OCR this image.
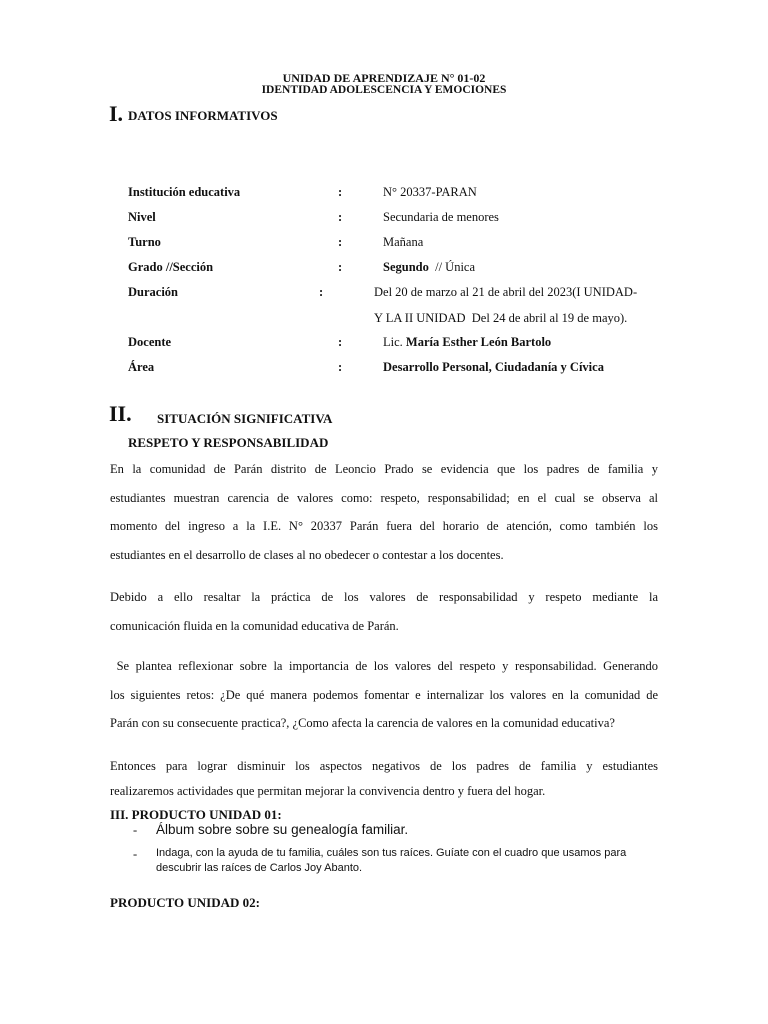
UNIDAD DE APRENDIZAJE N° 01-02
IDENTIDAD ADOLESCENCIA Y EMOCIONES
I. DATOS INFORMATIVOS
Institución educativa	:	N° 20337-PARAN
Nivel	:	Secundaria de menores
Turno	:	Mañana
Grado //Sección	:	Segundo  // Única
Duración	:	Del 20 de marzo al 21 de abril del 2023(I UNIDAD-
Y LA II UNIDAD  Del 24 de abril al 19 de mayo).
Docente	:	Lic. María Esther León Bartolo
Área	:	Desarrollo Personal, Ciudadanía y Cívica
II. SITUACIÓN SIGNIFICATIVA
RESPETO Y RESPONSABILIDAD
En la comunidad de Parán distrito de Leoncio Prado se evidencia que los padres de familia y
estudiantes muestran carencia de valores como: respeto, responsabilidad; en el cual se observa al
momento del ingreso a la I.E. N° 20337 Parán fuera del horario de atención, como también los
estudiantes en el desarrollo de clases al no obedecer o contestar a los docentes.
Debido a ello resaltar la práctica de los valores de responsabilidad y respeto mediante la
comunicación fluida en la comunidad educativa de Parán.
Se plantea reflexionar sobre la importancia de los valores del respeto y responsabilidad. Generando
los siguientes retos: ¿De qué manera podemos fomentar e internalizar los valores en la comunidad de
Parán con su consecuente practica?, ¿Como afecta la carencia de valores en la comunidad educativa?
Entonces para lograr disminuir los aspectos negativos de los padres de familia y estudiantes
realizaremos actividades que permitan mejorar la convivencia dentro y fuera del hogar.
III. PRODUCTO UNIDAD 01:
- Álbum sobre sobre su genealogía familiar.
- Indaga, con la ayuda de tu familia, cuáles son tus raíces. Guíate con el cuadro que usamos para
descubrir las raíces de Carlos Joy Abanto.
PRODUCTO UNIDAD 02:
